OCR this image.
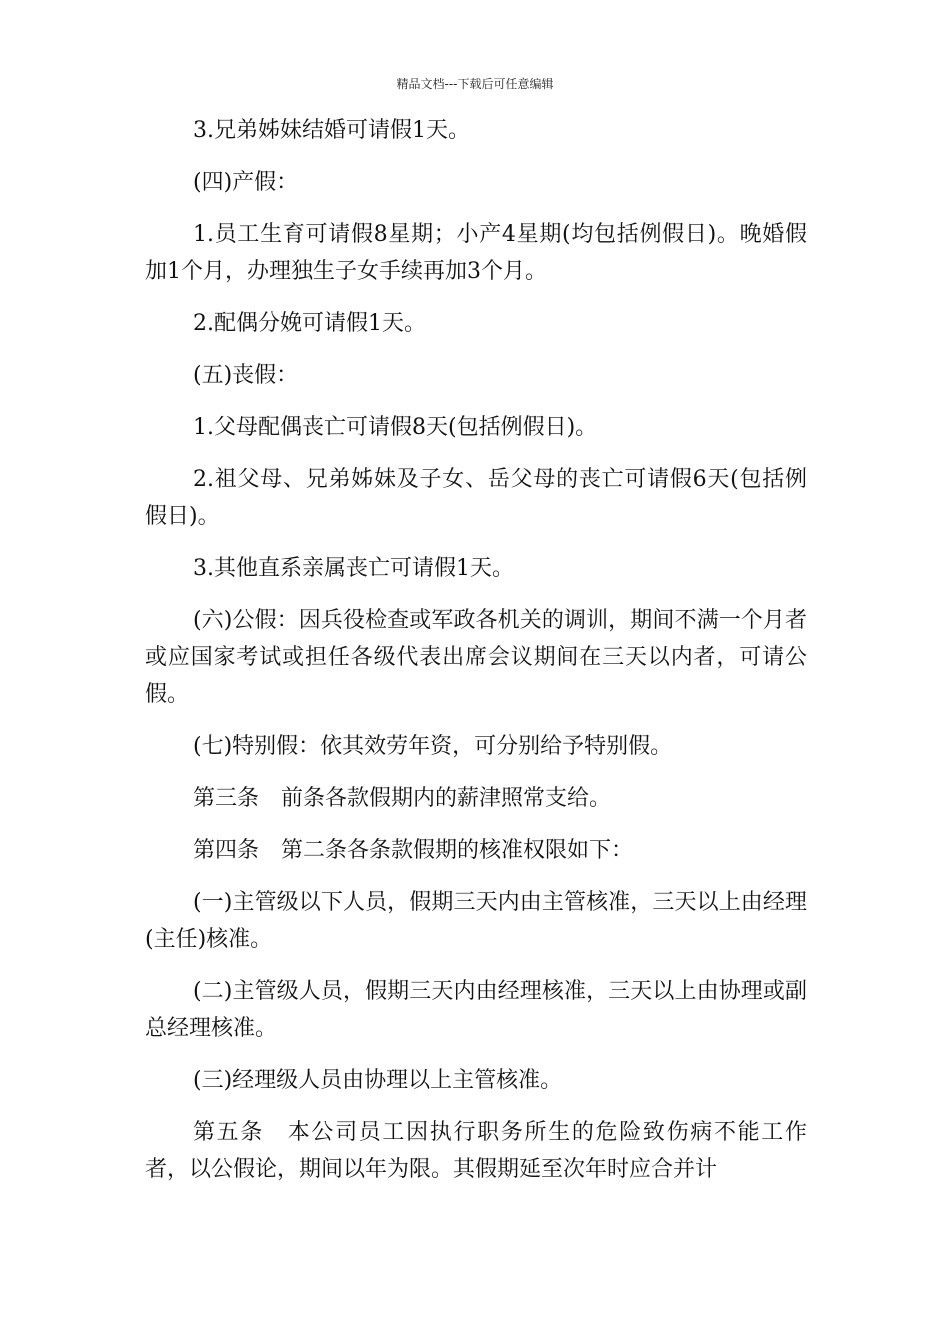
精品文档---下载后可任意编辑

3.兄弟姊妹结婚可请假1天。

(四)产假：

1.员工生育可请假8星期；小产4星期(均包括例假日)。晚婚假加1个月，办理独生子女手续再加3个月。

2.配偶分娩可请假1天。

(五)丧假：

1.父母配偶丧亡可请假8天(包括例假日)。

2.祖父母、兄弟姊妹及子女、岳父母的丧亡可请假6天(包括例假日)。

3.其他直系亲属丧亡可请假1天。

(六)公假：因兵役检查或军政各机关的调训，期间不满一个月者或应国家考试或担任各级代表出席会议期间在三天以内者，可请公假。

(七)特别假：依其效劳年资，可分别给予特别假。

第三条　前条各款假期内的薪津照常支给。

第四条　第二条各条款假期的核准权限如下：

(一)主管级以下人员，假期三天内由主管核准，三天以上由经理(主任)核准。

(二)主管级人员，假期三天内由经理核准，三天以上由协理或副总经理核准。

(三)经理级人员由协理以上主管核准。

第五条　本公司员工因执行职务所生的危险致伤病不能工作者，以公假论，期间以年为限。其假期延至次年时应合并计
